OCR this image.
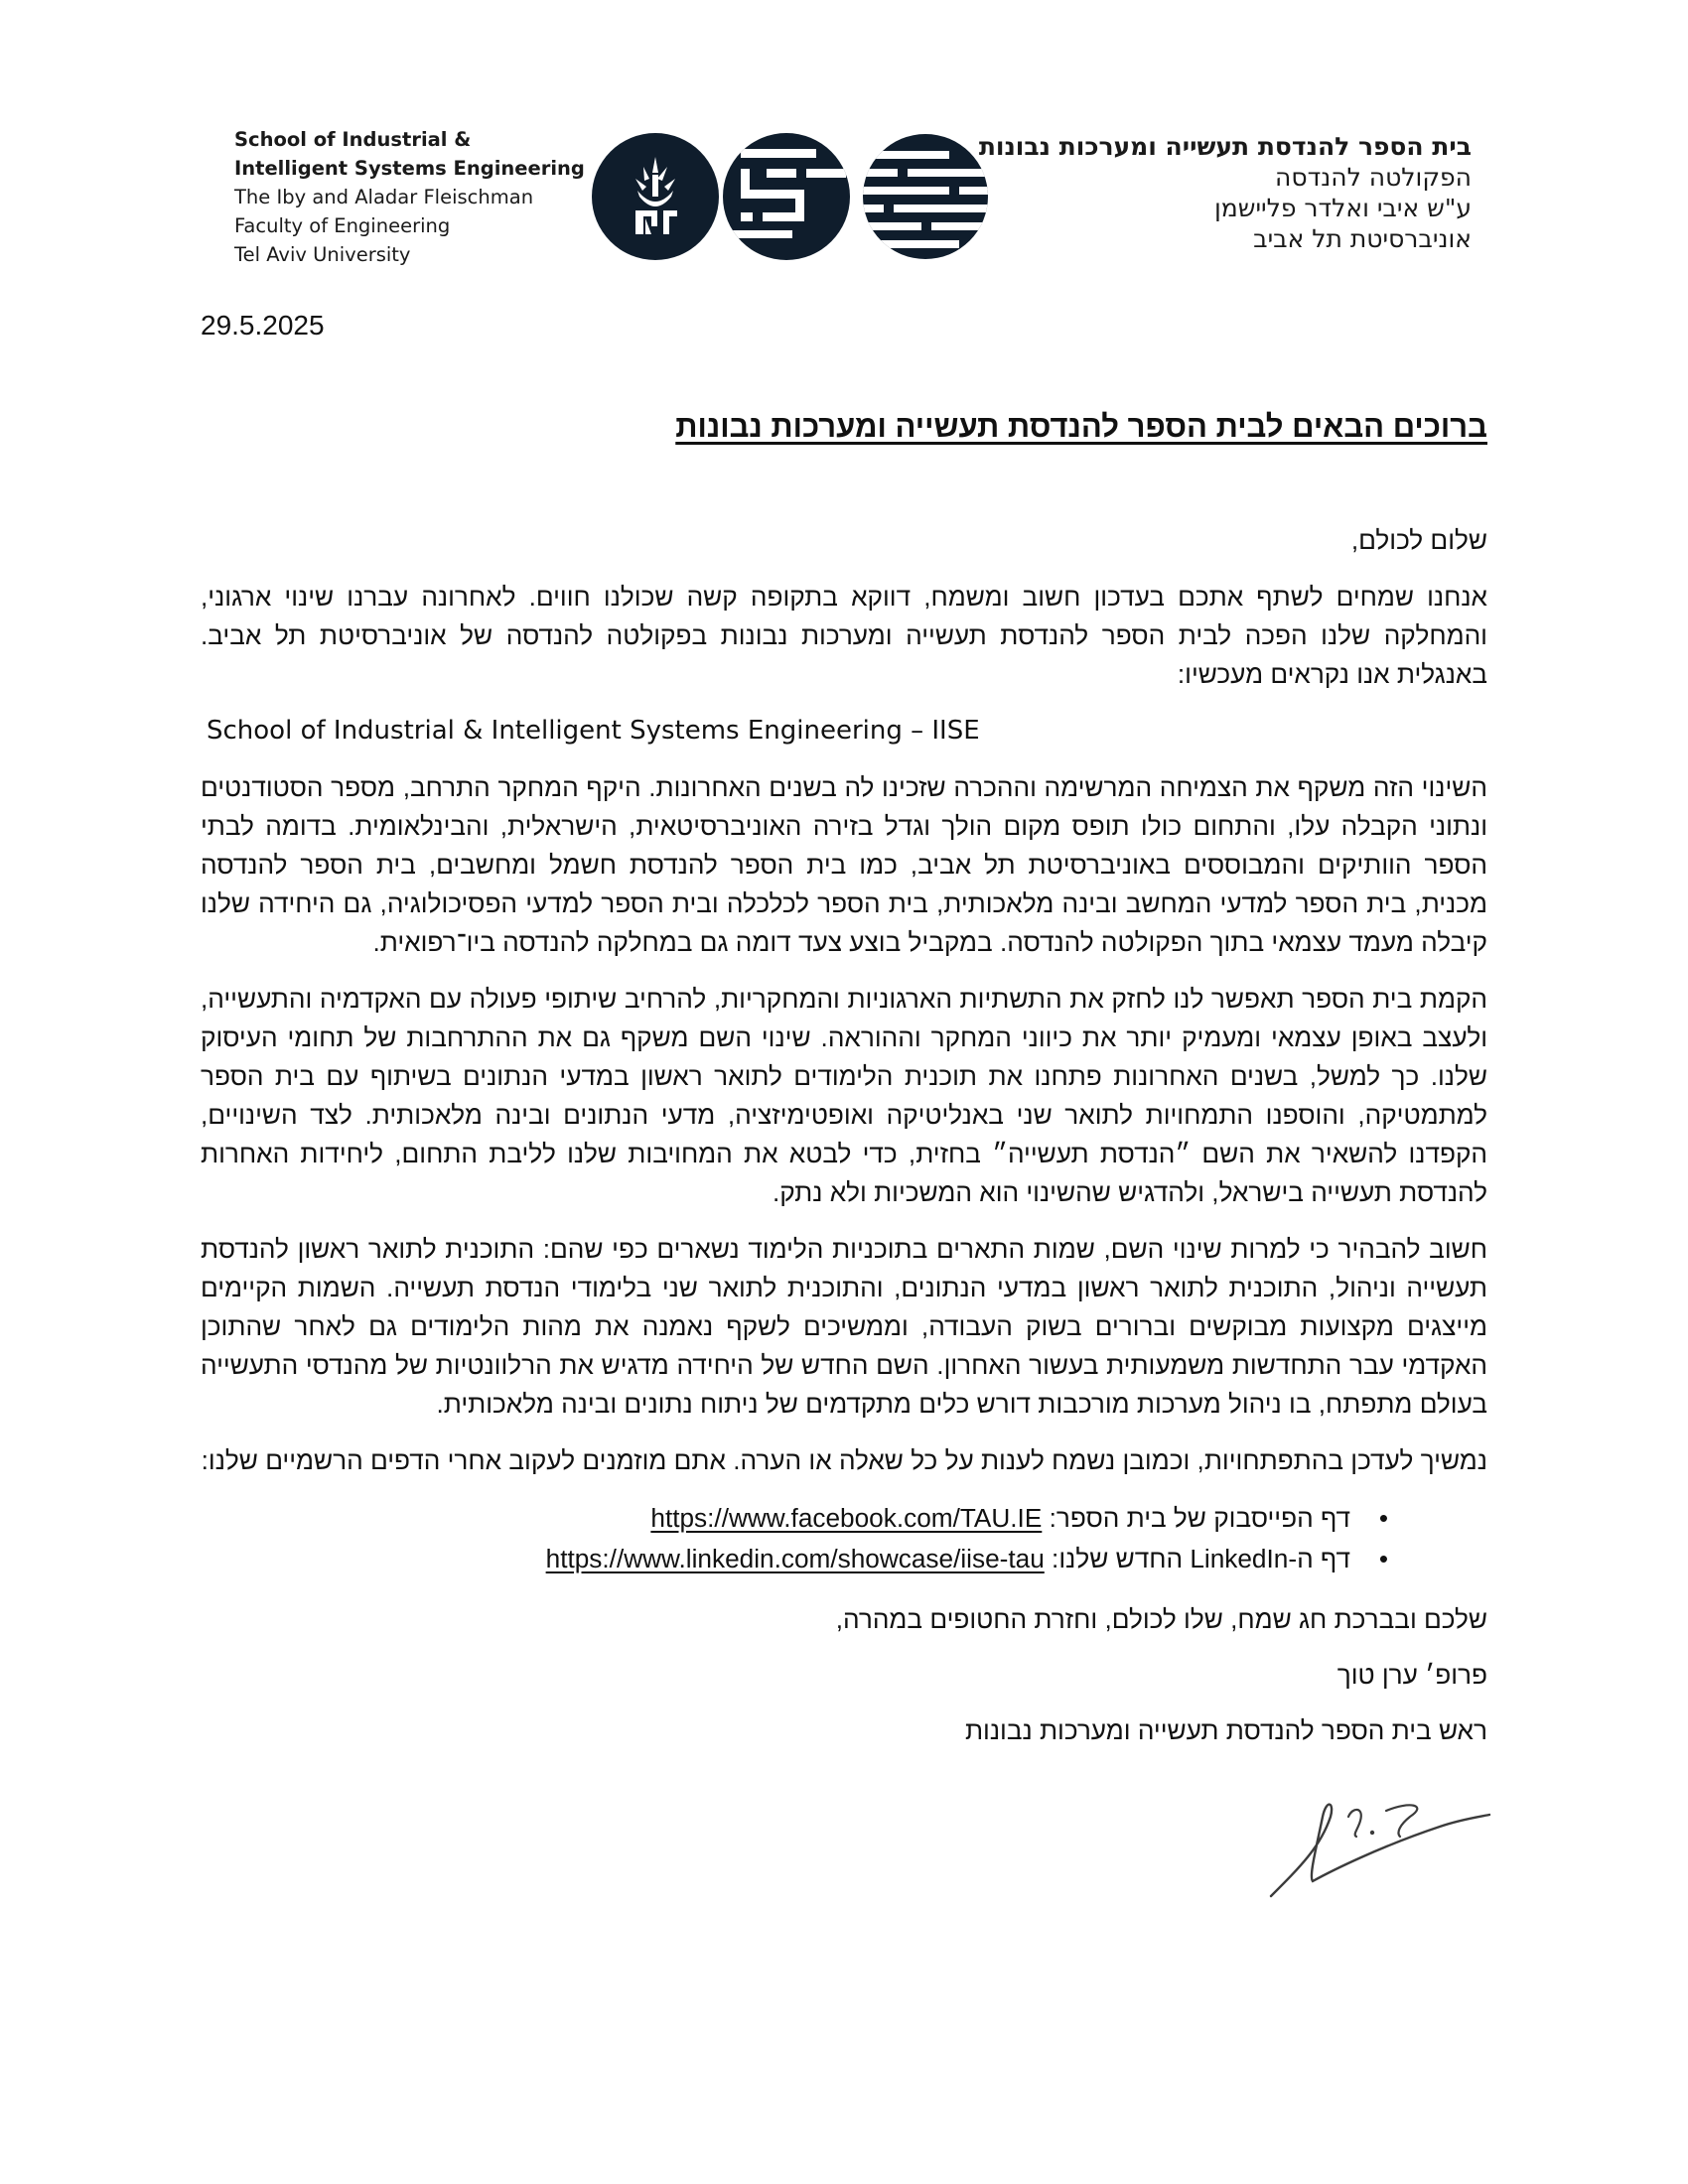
School of Industrial &
Intelligent Systems Engineering
The Iby and Aladar Fleischman
Faculty of Engineering
Tel Aviv University
בית הספר להנדסת תעשייה ומערכות נבונות
הפקולטה להנדסה
ע"ש איבי ואלדר פליישמן
אוניברסיטת תל אביב
29.5.2025
ברוכים הבאים לבית הספר להנדסת תעשייה ומערכות נבונות

שלום לכולם,

אנחנו שמחים לשתף אתכם בעדכון חשוב ומשמח, דווקא בתקופה קשה שכולנו חווים. לאחרונה עברנו שינוי ארגוני, והמחלקה שלנו הפכה לבית הספר להנדסת תעשייה ומערכות נבונות בפקולטה להנדסה של אוניברסיטת תל אביב. באנגלית אנו נקראים מעכשיו:

School of Industrial & Intelligent Systems Engineering – IISE

השינוי הזה משקף את הצמיחה המרשימה וההכרה שזכינו לה בשנים האחרונות. היקף המחקר התרחב, מספר הסטודנטים ונתוני הקבלה עלו, והתחום כולו תופס מקום הולך וגדל בזירה האוניברסיטאית, הישראלית, והבינלאומית. בדומה לבתי הספר הוותיקים והמבוססים באוניברסיטת תל אביב, כמו בית הספר להנדסת חשמל ומחשבים, בית הספר להנדסה מכנית, בית הספר למדעי המחשב ובינה מלאכותית, בית הספר לכלכלה ובית הספר למדעי הפסיכולוגיה, גם היחידה שלנו קיבלה מעמד עצמאי בתוך הפקולטה להנדסה. במקביל בוצע צעד דומה גם במחלקה להנדסה ביו־רפואית.

הקמת בית הספר תאפשר לנו לחזק את התשתיות הארגוניות והמחקריות, להרחיב שיתופי פעולה עם האקדמיה והתעשייה, ולעצב באופן עצמאי ומעמיק יותר את כיווני המחקר וההוראה. שינוי השם משקף גם את ההתרחבות של תחומי העיסוק שלנו. כך למשל, בשנים האחרונות פתחנו את תוכנית הלימודים לתואר ראשון במדעי הנתונים בשיתוף עם בית הספר למתמטיקה, והוספנו התמחויות לתואר שני באנליטיקה ואופטימיזציה, מדעי הנתונים ובינה מלאכותית. לצד השינויים, הקפדנו להשאיר את השם ״הנדסת תעשייה״ בחזית, כדי לבטא את המחויבות שלנו לליבת התחום, ליחידות האחרות להנדסת תעשייה בישראל, ולהדגיש שהשינוי הוא המשכיות ולא נתק.

חשוב להבהיר כי למרות שינוי השם, שמות התארים בתוכניות הלימוד נשארים כפי שהם: התוכנית לתואר ראשון להנדסת תעשייה וניהול, התוכנית לתואר ראשון במדעי הנתונים, והתוכנית לתואר שני בלימודי הנדסת תעשייה. השמות הקיימים מייצגים מקצועות מבוקשים וברורים בשוק העבודה, וממשיכים לשקף נאמנה את מהות הלימודים גם לאחר שהתוכן האקדמי עבר התחדשות משמעותית בעשור האחרון. השם החדש של היחידה מדגיש את הרלוונטיות של מהנדסי התעשייה בעולם מתפתח, בו ניהול מערכות מורכבות דורש כלים מתקדמים של ניתוח נתונים ובינה מלאכותית.

נמשיך לעדכן בהתפתחויות, וכמובן נשמח לענות על כל שאלה או הערה. אתם מוזמנים לעקוב אחרי הדפים הרשמיים שלנו:

• דף הפייסבוק של בית הספר: https://www.facebook.com/TAU.IE
• דף ה-LinkedIn החדש שלנו: https://www.linkedin.com/showcase/iise-tau

שלכם ובברכת חג שמח, שלו לכולם, וחזרת החטופים במהרה,

פרופ׳ ערן טוך

ראש בית הספר להנדסת תעשייה ומערכות נבונות
